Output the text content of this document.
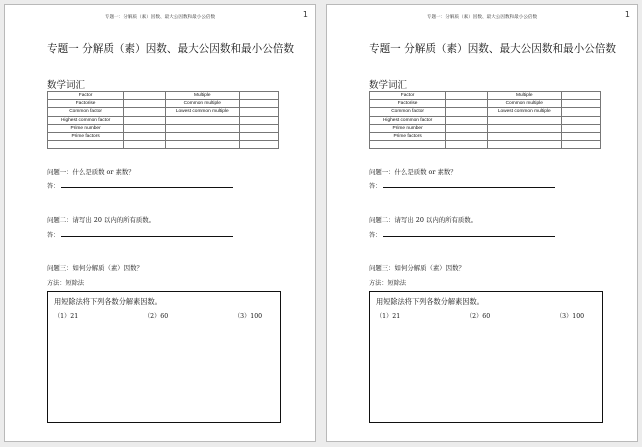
专题一：分解质（素）因数、最大公因数和最小公倍数	1
专题一 分解质（素）因数、最大公因数和最小公倍数
数学词汇
Factor		Multiple	
Factorise		Common multiple	
Common factor		Lowest common multiple	
Highest common factor			
Prime number			
Prime factors			

问题一：什么是质数 or 素数？
答：
问题二：请写出 20 以内的所有质数。
答：
问题三：如何分解质（素）因数？
方法：短除法
用短除法将下列各数分解素因数。
（1）21	（2）60	（3）100
专题一：分解质（素）因数、最大公因数和最小公倍数	1
专题一 分解质（素）因数、最大公因数和最小公倍数
数学词汇
Factor		Multiple	
Factorise		Common multiple	
Common factor		Lowest common multiple	
Highest common factor			
Prime number			
Prime factors			

问题一：什么是质数 or 素数？
答：
问题二：请写出 20 以内的所有质数。
答：
问题三：如何分解质（素）因数？
方法：短除法
用短除法将下列各数分解素因数。
（1）21	（2）60	（3）100
